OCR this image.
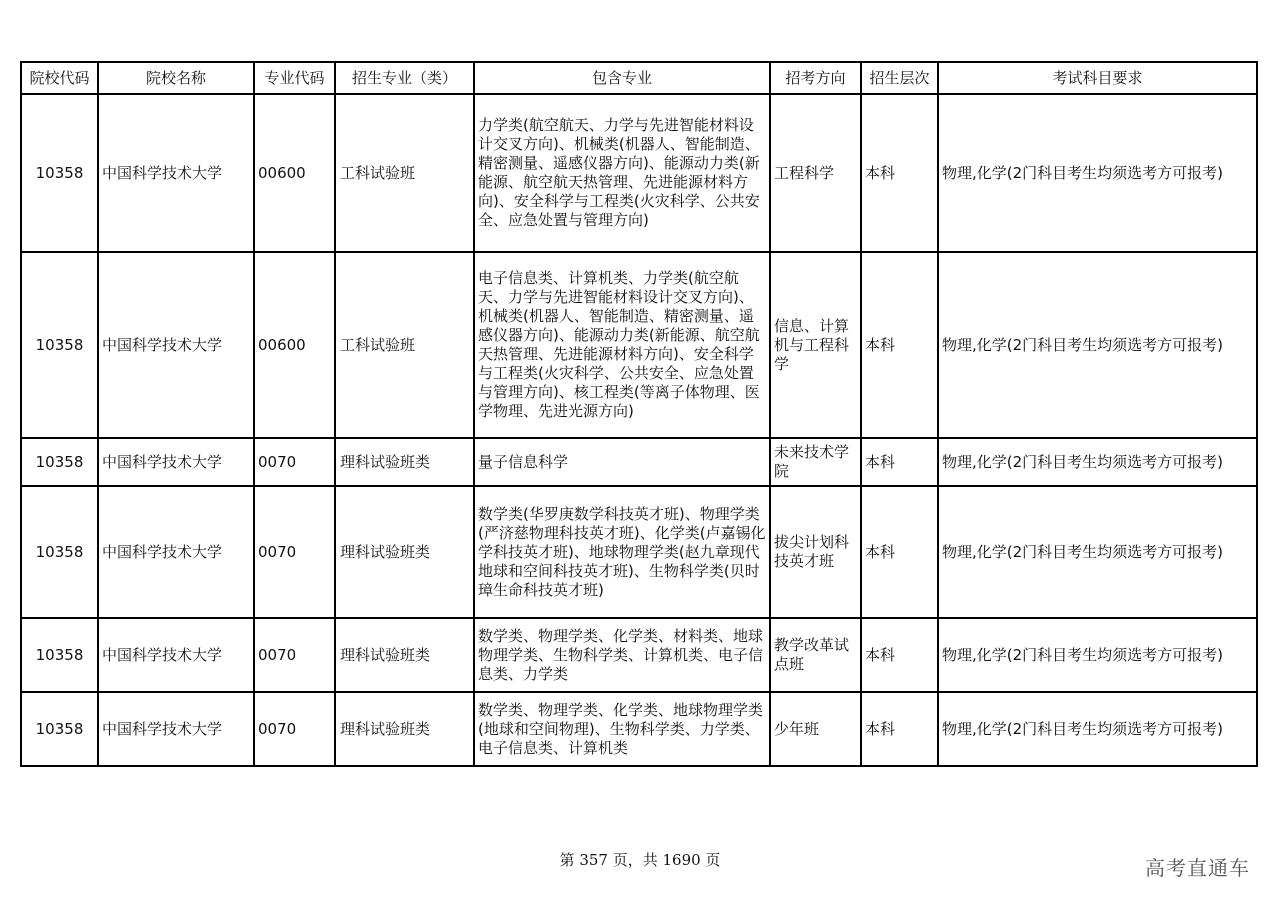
院校代码	院校名称	专业代码	招生专业（类）	包含专业	招考方向	招生层次	考试科目要求
10358	中国科学技术大学	00600	工科试验班	力学类(航空航天、力学与先进智能材料设计交叉方向)、机械类(机器人、智能制造、精密测量、遥感仪器方向)、能源动力类(新能源、航空航天热管理、先进能源材料方向)、安全科学与工程类(火灾科学、公共安全、应急处置与管理方向)	工程科学	本科	物理,化学(2门科目考生均须选考方可报考)
10358	中国科学技术大学	00600	工科试验班	电子信息类、计算机类、力学类(航空航天、力学与先进智能材料设计交叉方向)、机械类(机器人、智能制造、精密测量、遥感仪器方向)、能源动力类(新能源、航空航天热管理、先进能源材料方向)、安全科学与工程类(火灾科学、公共安全、应急处置与管理方向)、核工程类(等离子体物理、医学物理、先进光源方向)	信息、计算机与工程科学	本科	物理,化学(2门科目考生均须选考方可报考)
10358	中国科学技术大学	0070	理科试验班类	量子信息科学	未来技术学院	本科	物理,化学(2门科目考生均须选考方可报考)
10358	中国科学技术大学	0070	理科试验班类	数学类(华罗庚数学科技英才班)、物理学类(严济慈物理科技英才班)、化学类(卢嘉锡化学科技英才班)、地球物理学类(赵九章现代地球和空间科技英才班)、生物科学类(贝时璋生命科技英才班)	拔尖计划科技英才班	本科	物理,化学(2门科目考生均须选考方可报考)
10358	中国科学技术大学	0070	理科试验班类	数学类、物理学类、化学类、材料类、地球物理学类、生物科学类、计算机类、电子信息类、力学类	教学改革试点班	本科	物理,化学(2门科目考生均须选考方可报考)
10358	中国科学技术大学	0070	理科试验班类	数学类、物理学类、化学类、地球物理学类(地球和空间物理)、生物科学类、力学类、电子信息类、计算机类	少年班	本科	物理,化学(2门科目考生均须选考方可报考)
第 357 页，共 1690 页	高考直通车
